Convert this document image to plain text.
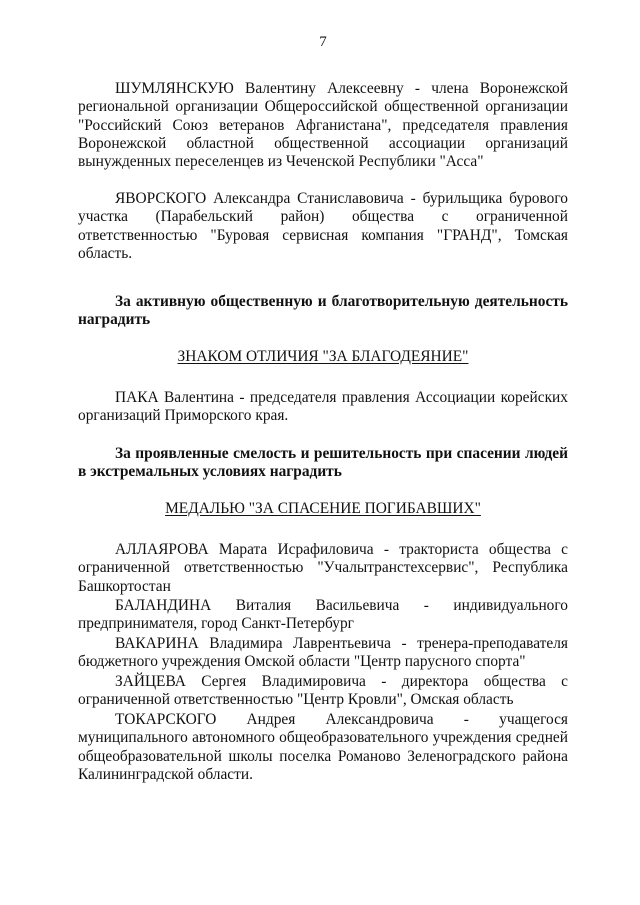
7

ШУМЛЯНСКУЮ Валентину Алексеевну - члена Воронежской региональной организации Общероссийской общественной организации "Российский Союз ветеранов Афганистана", председателя правления Воронежской областной общественной ассоциации организаций вынужденных переселенцев из Чеченской Республики "Асса"

ЯВОРСКОГО Александра Станиславовича - бурильщика бурового участка (Парабельский район) общества с ограниченной ответственностью "Буровая сервисная компания "ГРАНД", Томская область.

За активную общественную и благотворительную деятельность наградить

ЗНАКОМ ОТЛИЧИЯ "ЗА БЛАГОДЕЯНИЕ"

ПАКА Валентина - председателя правления Ассоциации корейских организаций Приморского края.

За проявленные смелость и решительность при спасении людей в экстремальных условиях наградить

МЕДАЛЬЮ "ЗА СПАСЕНИЕ ПОГИБАВШИХ"

АЛЛАЯРОВА Марата Исрафиловича - тракториста общества с ограниченной ответственностью "Учалытранстехсервис", Республика Башкортостан

БАЛАНДИНА Виталия Васильевича - индивидуального предпринимателя, город Санкт-Петербург

ВАКАРИНА Владимира Лаврентьевича - тренера-преподавателя бюджетного учреждения Омской области "Центр парусного спорта"

ЗАЙЦЕВА Сергея Владимировича - директора общества с ограниченной ответственностью "Центр Кровли", Омская область

ТОКАРСКОГО Андрея Александровича - учащегося муниципального автономного общеобразовательного учреждения средней общеобразовательной школы поселка Романово Зеленоградского района Калининградской области.
